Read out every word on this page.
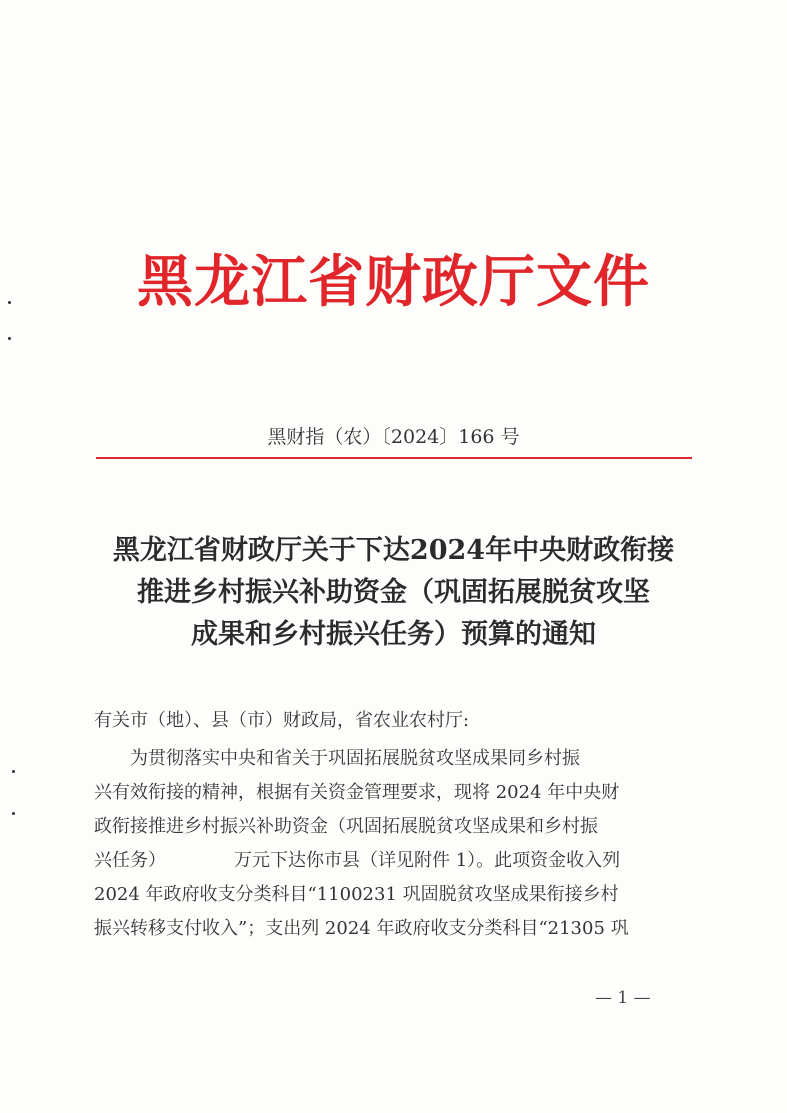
黑龙江省财政厅文件
黑财指（农）〔2024〕166 号
黑龙江省财政厅关于下达2024年中央财政衔接
推进乡村振兴补助资金（巩固拓展脱贫攻坚
成果和乡村振兴任务）预算的通知
有关市（地）、县（市）财政局，省农业农村厅:
为贯彻落实中央和省关于巩固拓展脱贫攻坚成果同乡村振
兴有效衔接的精神，根据有关资金管理要求，现将 2024 年中央财
政衔接推进乡村振兴补助资金（巩固拓展脱贫攻坚成果和乡村振
兴任务）	万元下达你市县（详见附件 1）。此项资金收入列
2024 年政府收支分类科目“1100231 巩固脱贫攻坚成果衔接乡村
振兴转移支付收入”；支出列 2024 年政府收支分类科目“21305 巩
— 1 —
